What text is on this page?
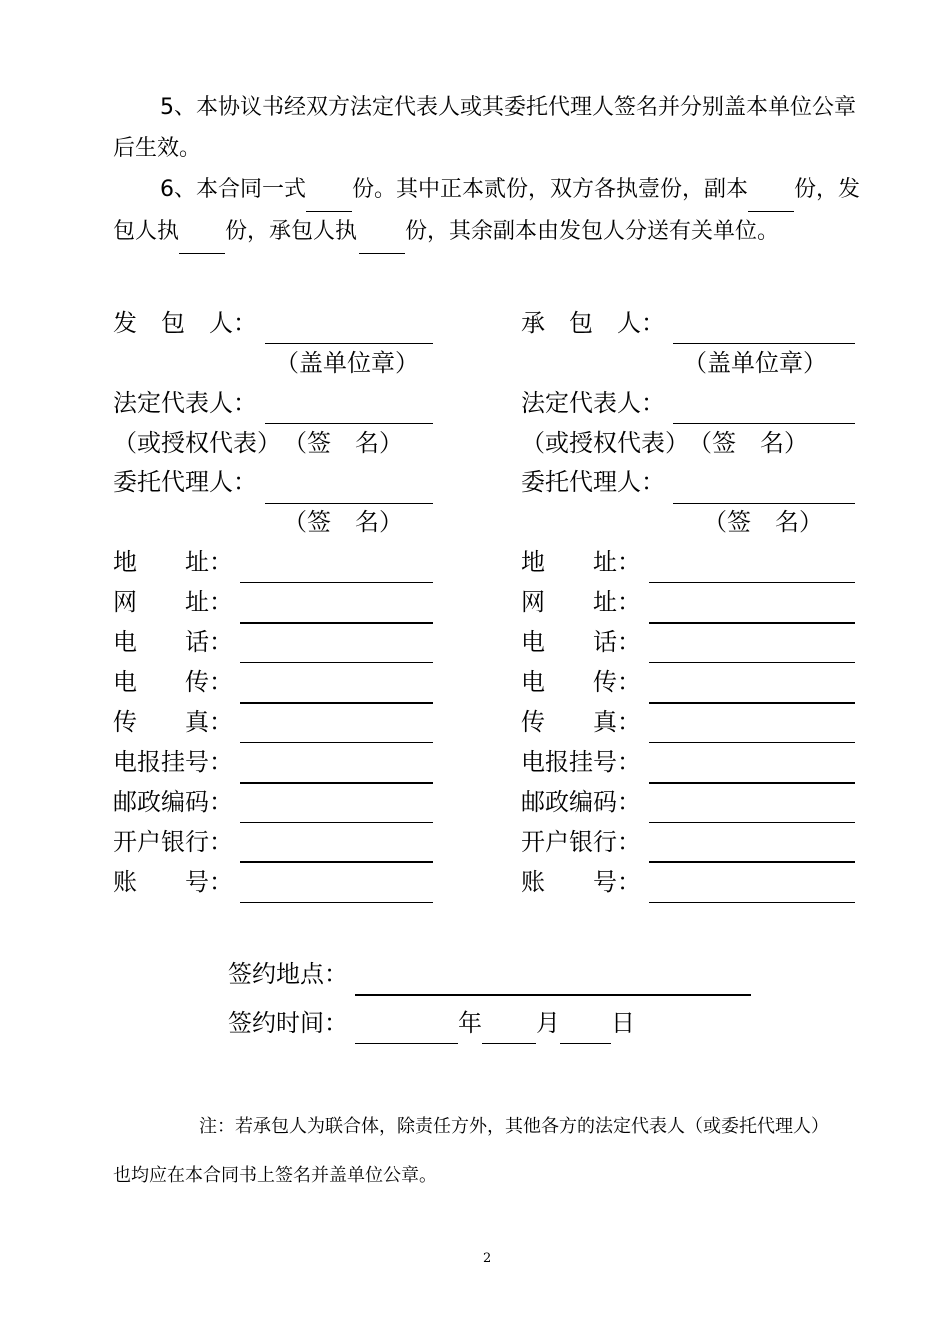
5、本协议书经双方法定代表人或其委托代理人签名并分别盖本单位公章
后生效。
6、本合同一式 份。其中正本贰份，双方各执壹份，副本 份，发
包人执 份，承包人执 份，其余副本由发包人分送有关单位。
发　包　人：
（盖单位章）
法定代表人：
（或授权代表） （签　名）
委托代理人：
（签　名）
地　　址：
网　　址：
电　　话：
电　　传：
传　　真：
电报挂号：
邮政编码：
开户银行：
账　　号：
承　包　人：
（盖单位章）
法定代表人：
（或授权代表） （签　名）
委托代理人：
（签　名）
地　　址：
网　　址：
电　　话：
电　　传：
传　　真：
电报挂号：
邮政编码：
开户银行：
账　　号：
签约地点：
签约时间：	年 月 日
注：若承包人为联合体，除责任方外，其他各方的法定代表人（或委托代理人）
也均应在本合同书上签名并盖单位公章。
2
